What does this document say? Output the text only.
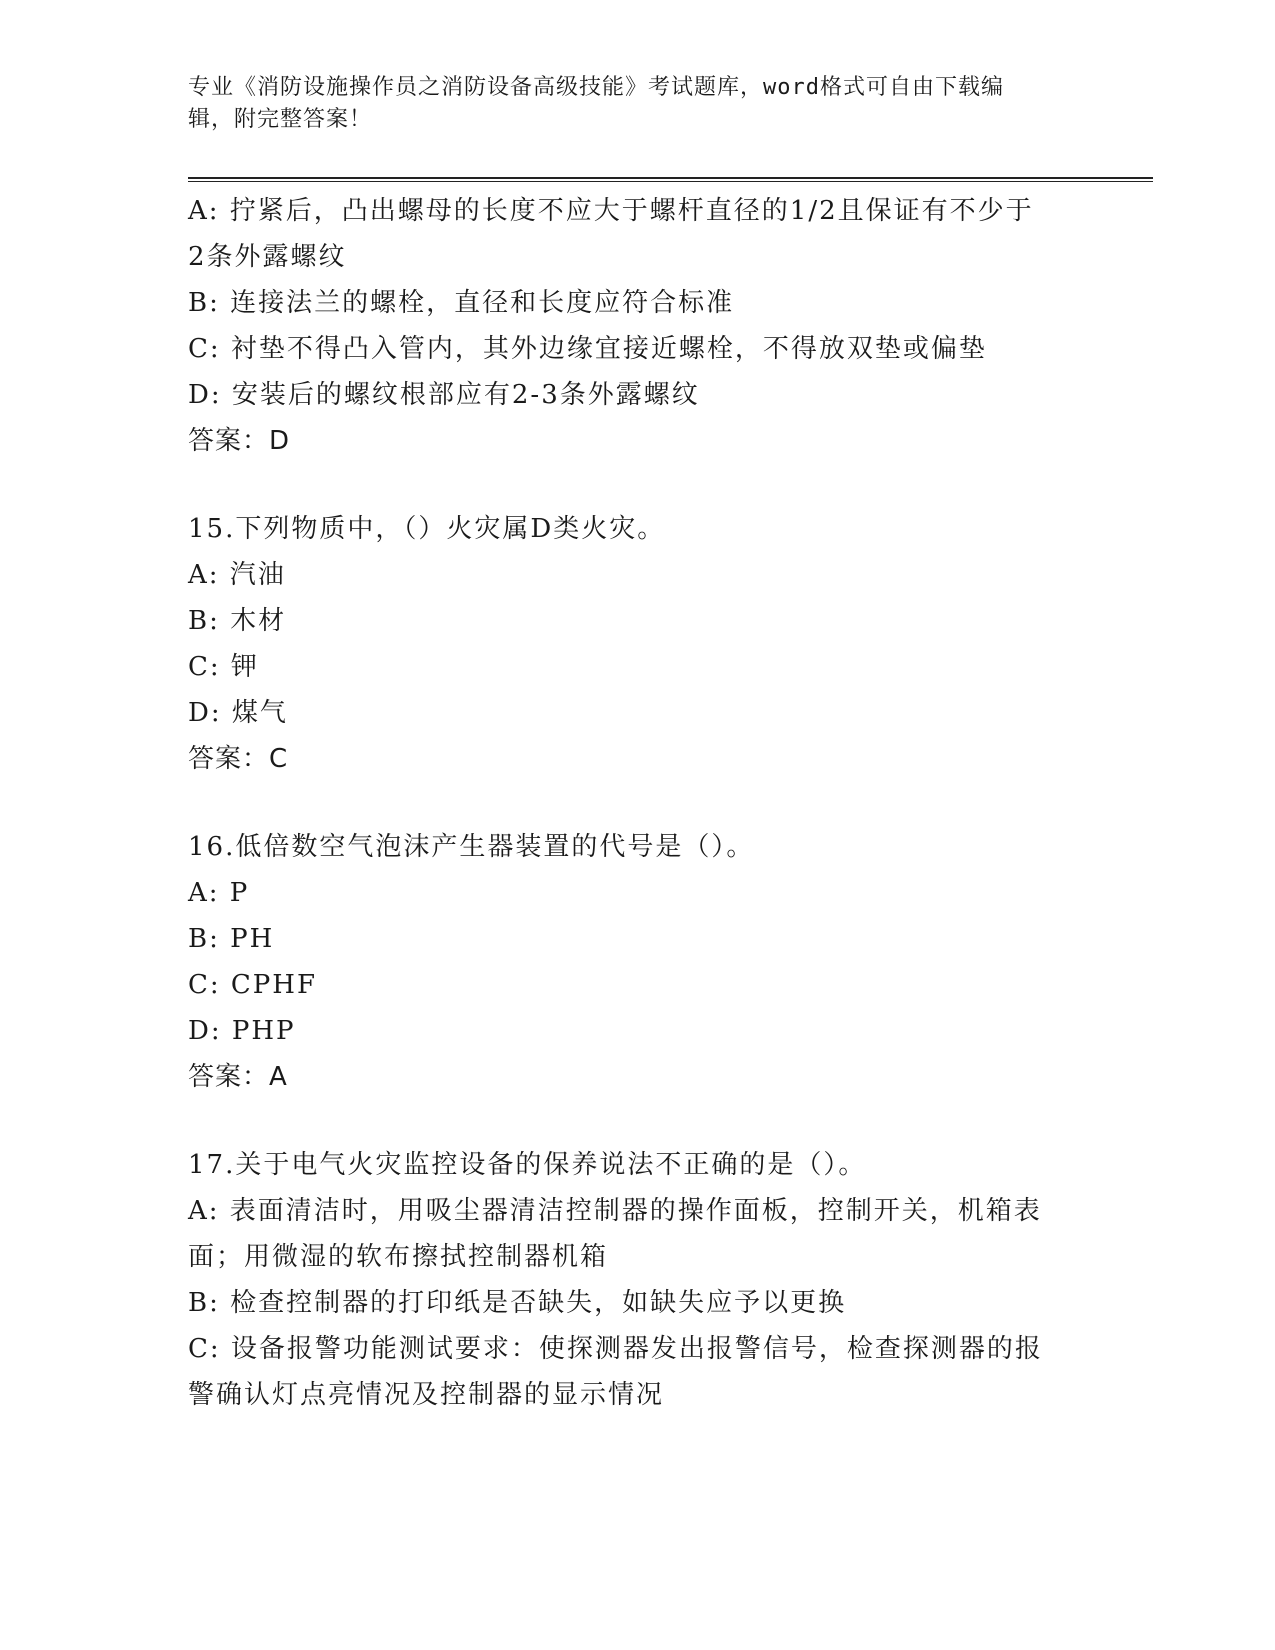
专业《消防设施操作员之消防设备高级技能》考试题库，word格式可自由下载编
辑，附完整答案！
A: 拧紧后，凸出螺母的长度不应大于螺杆直径的1/2且保证有不少于
2条外露螺纹
B: 连接法兰的螺栓，直径和长度应符合标准
C: 衬垫不得凸入管内，其外边缘宜接近螺栓，不得放双垫或偏垫
D: 安装后的螺纹根部应有2-3条外露螺纹
答案：D
15.下列物质中，（）火灾属D类火灾。
A: 汽油
B: 木材
C: 钾
D: 煤气
答案：C
16.低倍数空气泡沫产生器装置的代号是（）。
A: P
B: PH
C: CPHF
D: PHP
答案：A
17.关于电气火灾监控设备的保养说法不正确的是（）。
A: 表面清洁时，用吸尘器清洁控制器的操作面板，控制开关，机箱表
面；用微湿的软布擦拭控制器机箱
B: 检查控制器的打印纸是否缺失，如缺失应予以更换
C: 设备报警功能测试要求：使探测器发出报警信号，检查探测器的报
警确认灯点亮情况及控制器的显示情况
